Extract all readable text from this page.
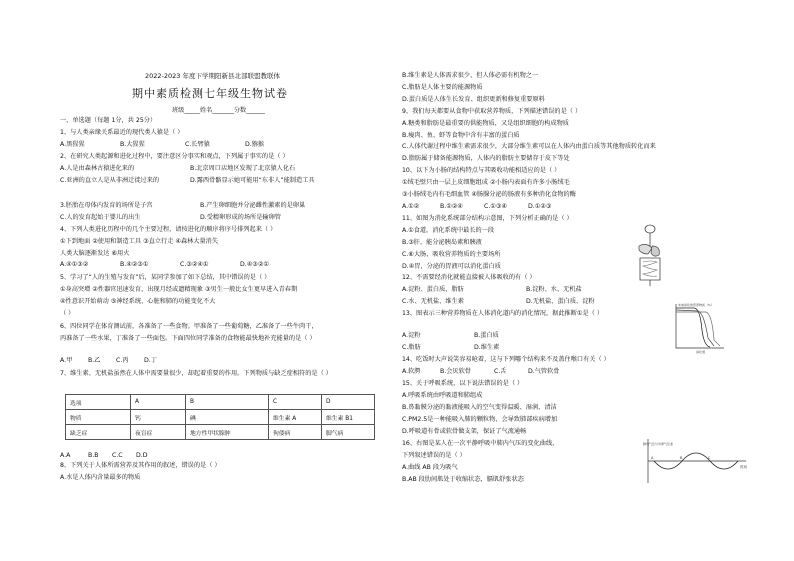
2022-2023 年度下学期阳新县北部联盟教联体
期中素质检测七年级生物试卷
班级_____姓名_______分数______
一、单选题（每题 1分，共 25分）
1、与人类亲缘关系最近的现代类人猿是（ ）
A.黑猩猩	B.大猩猩	C.长臂猿	D.猕猴
2、在研究人类起源和进化过程中，要注意区分事实和观点，下列属于事实的是（ ）
A.人是由森林古猿进化来的	B.北京周口店地区发现了北京猿人化石
C.亚洲的直立人是从非洲迁徙过来的	D.露西骨骼显示她可能用“东非人”能制造工具
3.胚胎在母体内发育的场所是子宫	B.产生卵细胞并分泌雌性激素的是卵巢
C.人的发育起始于婴儿的出生	D.受精卵形成的场所是输卵管
4、下列人类进化历程中的几个主要过程，请按进化的顺序将序号排列起来（ ）
①下到地面 ②使用和制造工具 ③直立行走 ④森林大量消失
人类大脑逐渐发达 ⑥用火
A.④①③②	B.④②③①	C.③②④①	D.④③②①
5、学习了“人的生殖与发育”后，某同学参加了如下总结，其中错误的是（ ）
①身高突增 ②性器官迅速发育，出现月经或遗精现象 ③男生一般比女生更早进入青春期
④性意识开始萌动 ⑤神经系统、心脏和肺的功能变化不大
（ ）
6、四位同学在体育测试前，各准备了一些食物。甲准备了一些葡萄糖，乙准备了一些牛肉干，
丙准备了一些水果，丁准备了一些面包。下面四位同学准备的食物能最快地补充能量的是（ ）
A.甲	B.乙	C.丙	D.丁
7、维生素、无机盐虽然在人体中需要量很少，却起着重要的作用。下列物质与缺乏症相符的是（ ）
选项	A	B	C	D
物质	钙	碘	维生素 A	维生素 B1
缺乏症	夜盲症	地方性甲状腺肿	佝偻病	脚气病
A.A	B.B C.C D.D
8、下列关于人体所需营养及其作用的叙述，错误的是（ ）
A.水是人体内含量最多的物质
B.维生素是人体需求很少，但人体必需有机物之一
C.脂肪是人体主要的能源物质
D.蛋白质是人体生长发育、组织更新和修复重要原料
9、我们每天都要从食物中获取营养物质，下列描述错误的是（ ）
A.糖类和脂肪是最重要的供能物质，又是组织细胞的构成物质
B.瘦肉、鱼、虾等食物中含有丰富的蛋白质
C.人体代谢过程中维生素需求很少，大部分维生素可以在人体内由蛋白质等其他物质转化而来
D.脂肪属于储备能源物质，人体内的脂肪主要储存于皮下等处
10、以下为小肠的结构特点与其吸收功能相适应的是（ ）
①绒毛壁只由一层上皮细胞组成 ②小肠内表面有许多小肠绒毛
③小肠绒毛内有毛细血管 ④肠腺分泌的肠液有多种消化食物的酶
A.①②	B.①②④	C.①③④	D.①②③
11、如图为消化系统部分结构示意图，下列分析正确的是（ ）
A.①食道，消化系统中最长的一段
B.③肝，能分泌胰岛素和胰液
C.⑥大肠，吸收营养物质的主要场所
D.④胃，分泌的胃液可以消化蛋白质
12、不需要经消化就能直接被人体吸收的有（ ）
A.淀粉、蛋白质、脂肪	B.淀粉、水、无机盐
C.水、无机盐、维生素	D.无机盐、蛋白质、淀粉	未被消化的营养物质（%）
消化道
13、图表示三种营养物质在人体消化道内的消化情况，据此推断①是（ ）
A.淀粉	B.蛋白质
C.脂肪	D.维生素
14、吃饭时大声说笑容易呛着，这与下列哪个结构来不及盖住喉口有关（ ）
A.软腭	B.会厌软骨	C.舌	D.气管软骨
15、关于呼吸系统，以下说法错误的是（ ）
A.呼吸系统由呼吸道和肺组成
B.鼻黏膜分泌的黏液能吸入的空气变得温暖、湿润、清洁
C.PM2.5是一种能吸入肺的颗粒物，会导致肺部疾病增加
D.呼吸道有骨或软骨做支架，保证了气流通畅
16、右图是某人在一次平静呼吸中肺内气压的变化曲线，
下列叙述错误的是（ ）
A.曲线 AB 段为吸气
B.AB 段肋间肌处于收缩状态，膈肌舒张状态
肺内气压与外界气压差
时间
A	B	C
